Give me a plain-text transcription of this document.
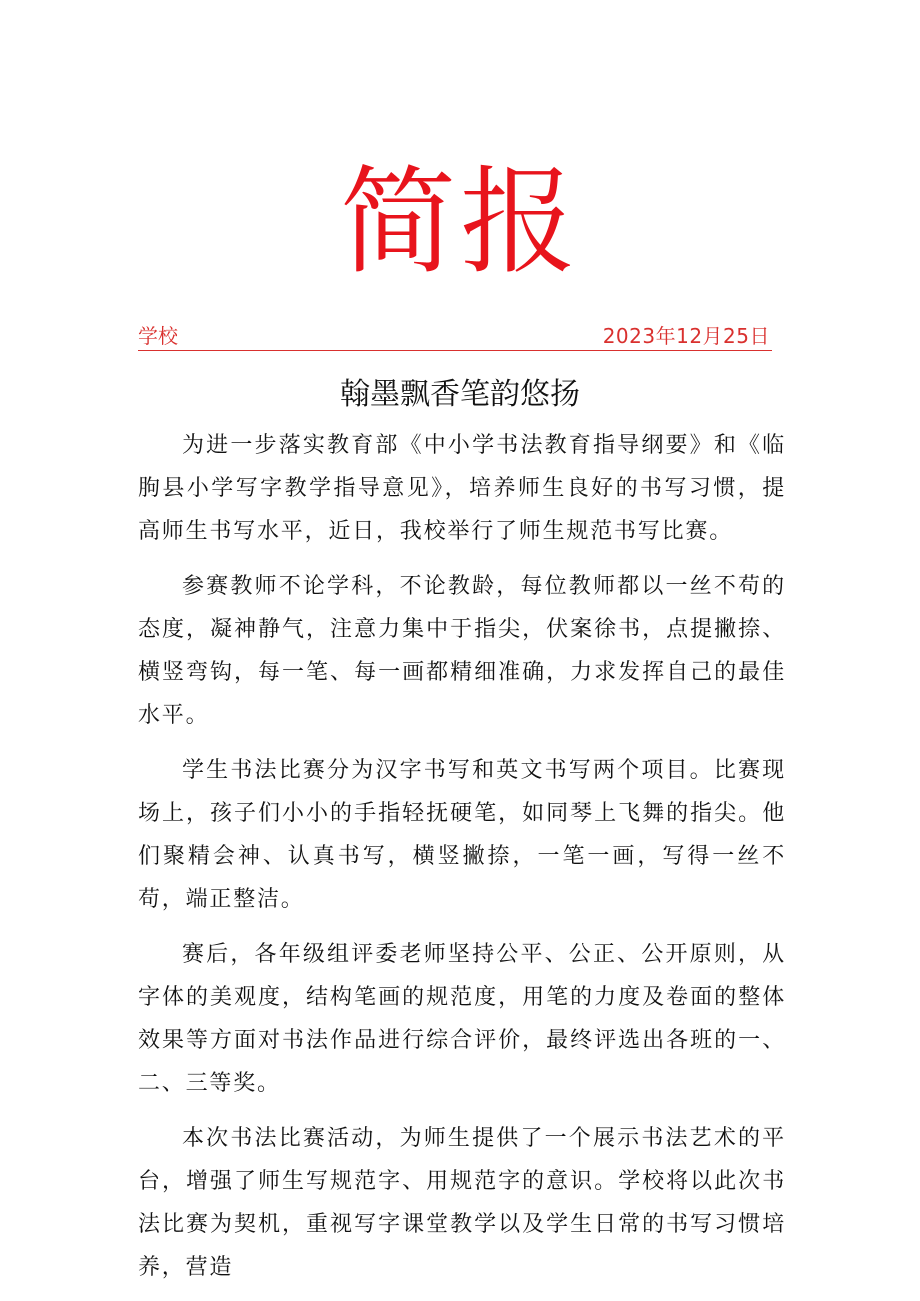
简报
学校	2023年12月25日
翰墨飘香笔韵悠扬

为进一步落实教育部《中小学书法教育指导纲要》和《临朐县小学写字教学指导意见》，培养师生良好的书写习惯，提高师生书写水平，近日，我校举行了师生规范书写比赛。

参赛教师不论学科，不论教龄，每位教师都以一丝不苟的态度，凝神静气，注意力集中于指尖，伏案徐书，点提撇捺、横竖弯钩，每一笔、每一画都精细准确，力求发挥自己的最佳水平。

学生书法比赛分为汉字书写和英文书写两个项目。比赛现场上，孩子们小小的手指轻抚硬笔，如同琴上飞舞的指尖。他们聚精会神、认真书写，横竖撇捺，一笔一画，写得一丝不苟，端正整洁。

赛后，各年级组评委老师坚持公平、公正、公开原则，从字体的美观度，结构笔画的规范度，用笔的力度及卷面的整体效果等方面对书法作品进行综合评价，最终评选出各班的一、二、三等奖。

本次书法比赛活动，为师生提供了一个展示书法艺术的平台，增强了师生写规范字、用规范字的意识。学校将以此次书法比赛为契机，重视写字课堂教学以及学生日常的书写习惯培养，营造
